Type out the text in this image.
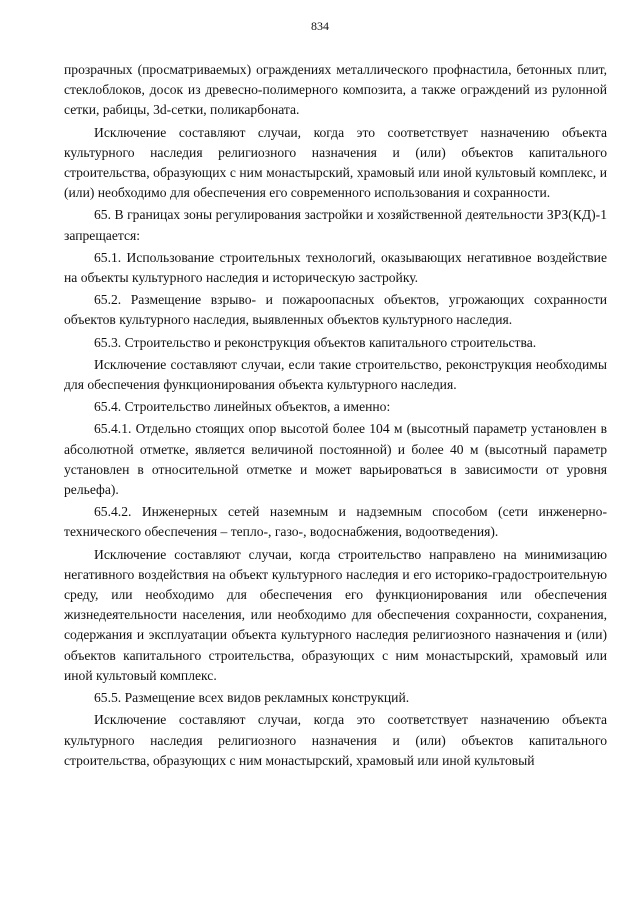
834

прозрачных (просматриваемых) ограждениях металлического профнастила, бетонных плит, стеклоблоков, досок из древесно-полимерного композита, а также ограждений из рулонной сетки, рабицы, 3d-сетки, поликарбоната.

Исключение составляют случаи, когда это соответствует назначению объекта культурного наследия религиозного назначения и (или) объектов капитального строительства, образующих с ним монастырский, храмовый или иной культовый комплекс, и (или) необходимо для обеспечения его современного использования и сохранности.

65. В границах зоны регулирования застройки и хозяйственной деятельности ЗРЗ(КД)-1 запрещается:

65.1. Использование строительных технологий, оказывающих негативное воздействие на объекты культурного наследия и историческую застройку.

65.2. Размещение взрыво- и пожароопасных объектов, угрожающих сохранности объектов культурного наследия, выявленных объектов культурного наследия.

65.3. Строительство и реконструкция объектов капитального строительства.

Исключение составляют случаи, если такие строительство, реконструкция необходимы для обеспечения функционирования объекта культурного наследия.

65.4. Строительство линейных объектов, а именно:

65.4.1. Отдельно стоящих опор высотой более 104 м (высотный параметр установлен в абсолютной отметке, является величиной постоянной) и более 40 м (высотный параметр установлен в относительной отметке и может варьироваться в зависимости от уровня рельефа).

65.4.2. Инженерных сетей наземным и надземным способом (сети инженерно-технического обеспечения – тепло-, газо-, водоснабжения, водоотведения).

Исключение составляют случаи, когда строительство направлено на минимизацию негативного воздействия на объект культурного наследия и его историко-градостроительную среду, или необходимо для обеспечения его функционирования или обеспечения жизнедеятельности населения, или необходимо для обеспечения сохранности, сохранения, содержания и эксплуатации объекта культурного наследия религиозного назначения и (или) объектов капитального строительства, образующих с ним монастырский, храмовый или иной культовый комплекс.

65.5. Размещение всех видов рекламных конструкций.

Исключение составляют случаи, когда это соответствует назначению объекта культурного наследия религиозного назначения и (или) объектов капитального строительства, образующих с ним монастырский, храмовый или иной культовый
